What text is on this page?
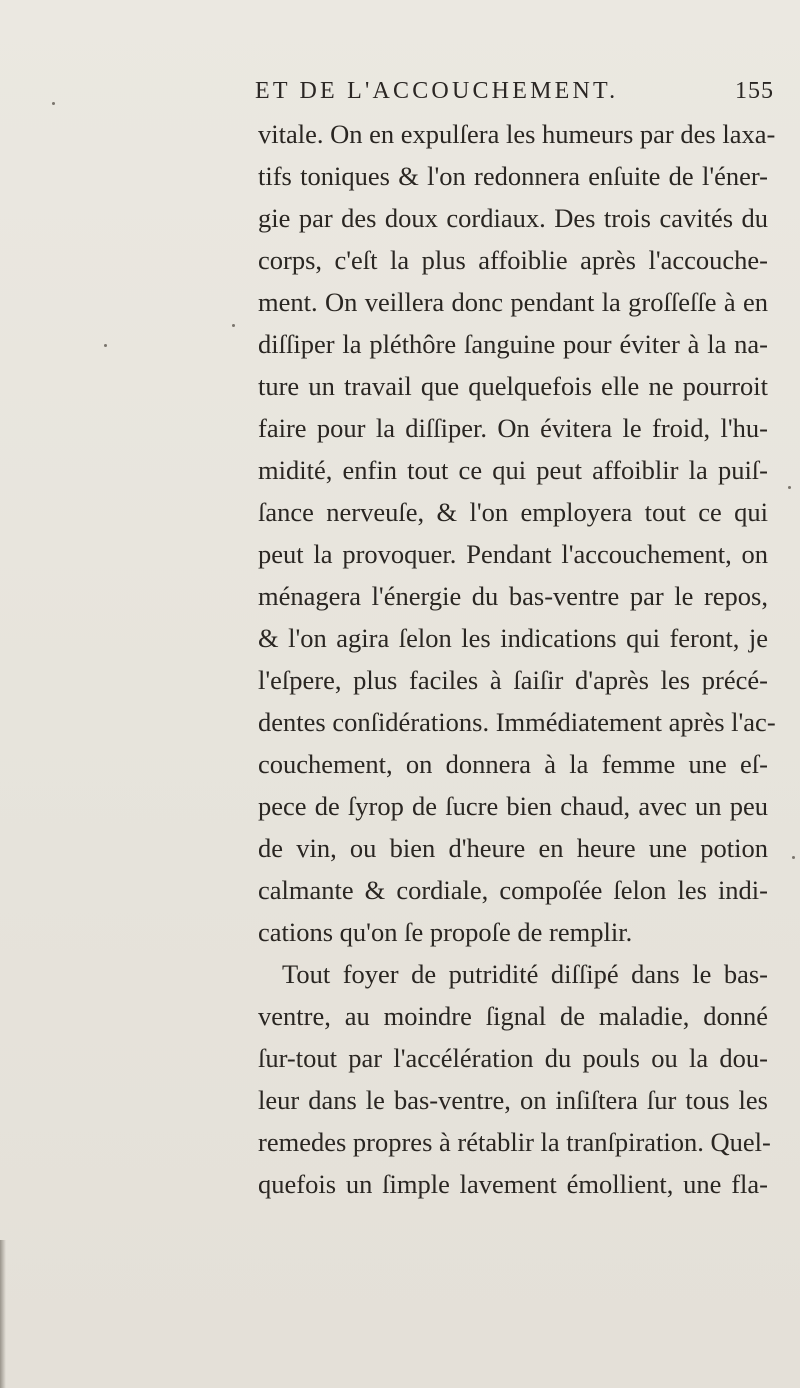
ET DE L'ACCOUCHEMENT.	155
vitale. On en expulſera les humeurs par des laxa-
tifs toniques & l'on redonnera enſuite de l'éner-
gie par des doux cordiaux. Des trois cavités du
corps, c'eſt la plus affoiblie après l'accouche-
ment. On veillera donc pendant la groſſeſſe à en
diſſiper la pléthôre ſanguine pour éviter à la na-
ture un travail que quelquefois elle ne pourroit
faire pour la diſſiper. On évitera le froid, l'hu-
midité, enfin tout ce qui peut affoiblir la puiſ-
ſance nerveuſe, & l'on employera tout ce qui
peut la provoquer. Pendant l'accouchement, on
ménagera l'énergie du bas-ventre par le repos,
& l'on agira ſelon les indications qui feront, je
l'eſpere, plus faciles à ſaiſir d'après les précé-
dentes conſidérations. Immédiatement après l'ac-
couchement, on donnera à la femme une eſ-
pece de ſyrop de ſucre bien chaud, avec un peu
de vin, ou bien d'heure en heure une potion
calmante & cordiale, compoſée ſelon les indi-
cations qu'on ſe propoſe de remplir.
Tout foyer de putridité diſſipé dans le bas-
ventre, au moindre ſignal de maladie, donné
ſur-tout par l'accélération du pouls ou la dou-
leur dans le bas-ventre, on inſiſtera ſur tous les
remedes propres à rétablir la tranſpiration. Quel-
quefois un ſimple lavement émollient, une fla-
